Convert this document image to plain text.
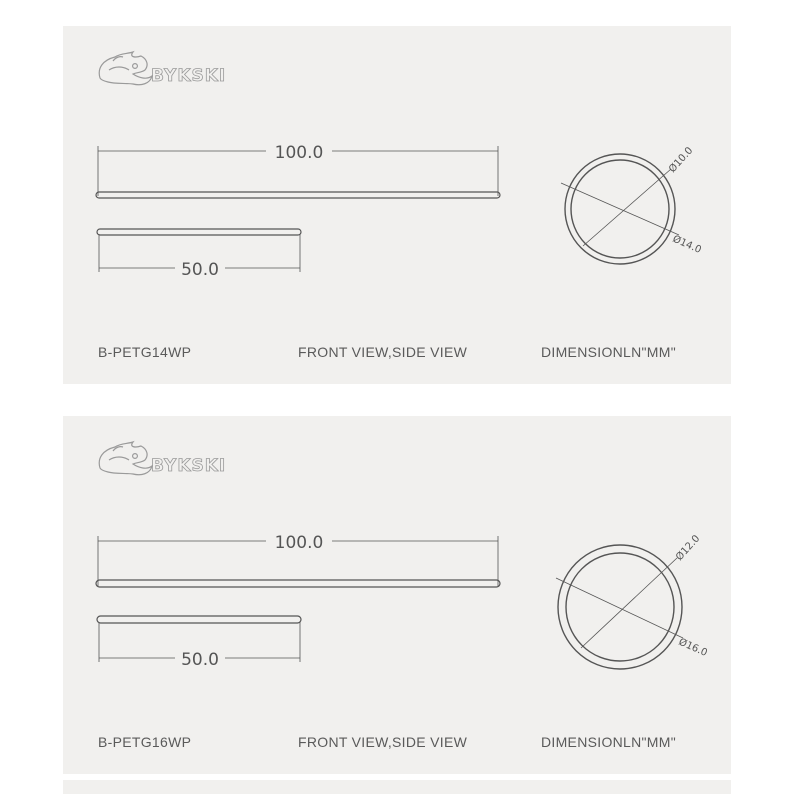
BYKSKI
100.0
50.0
Ø10.0
Ø14.0
B-PETG14WP	FRONT VIEW,SIDE VIEW	DIMENSIONLN"MM"
BYKSKI
100.0
50.0
Ø12.0
Ø16.0
B-PETG16WP	FRONT VIEW,SIDE VIEW	DIMENSIONLN"MM"
